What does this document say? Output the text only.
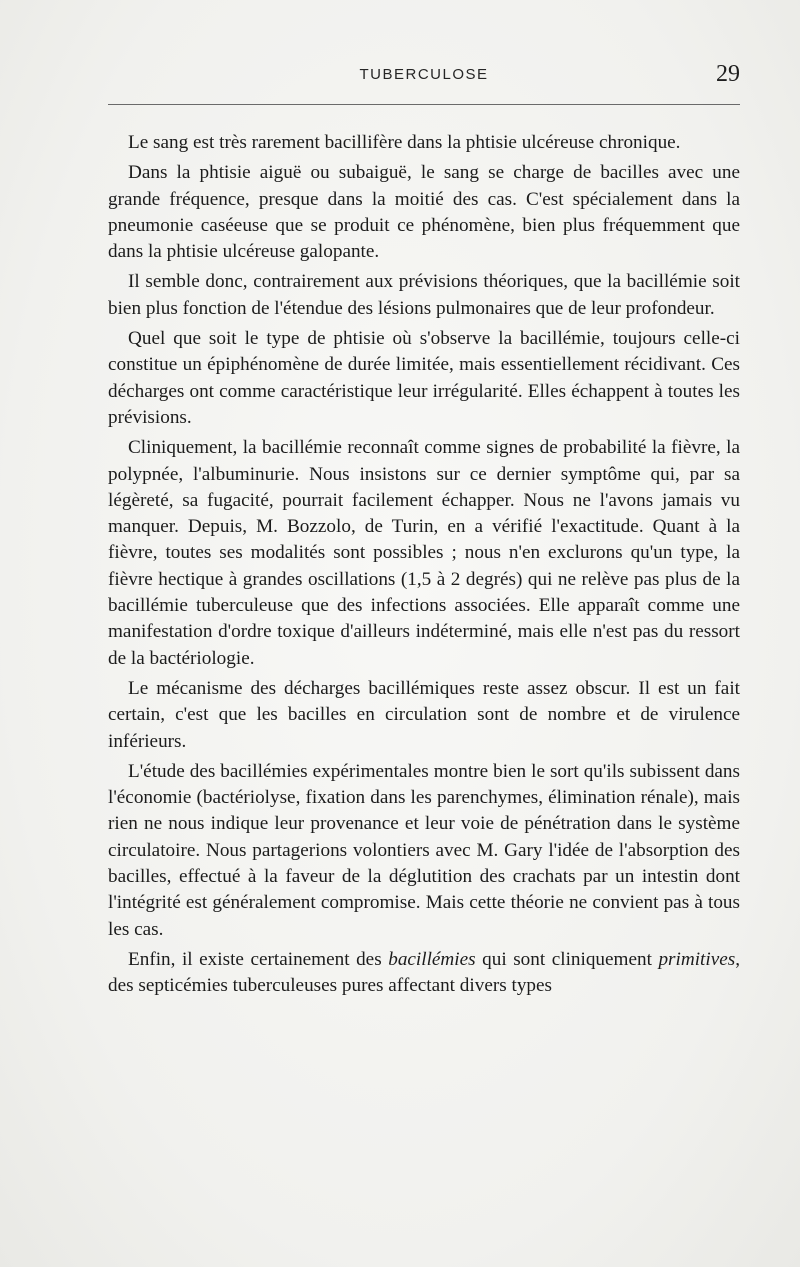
TUBERCULOSE	29

Le sang est très rarement bacillifère dans la phtisie ulcéreuse chronique.

Dans la phtisie aiguë ou subaiguë, le sang se charge de bacilles avec une grande fréquence, presque dans la moitié des cas. C'est spécialement dans la pneumonie caséeuse que se produit ce phénomène, bien plus fréquemment que dans la phtisie ulcéreuse galopante.

Il semble donc, contrairement aux prévisions théoriques, que la bacillémie soit bien plus fonction de l'étendue des lésions pulmonaires que de leur profondeur.

Quel que soit le type de phtisie où s'observe la bacillémie, toujours celle-ci constitue un épiphénomène de durée limitée, mais essentiellement récidivant. Ces décharges ont comme caractéristique leur irrégularité. Elles échappent à toutes les prévisions.

Cliniquement, la bacillémie reconnaît comme signes de probabilité la fièvre, la polypnée, l'albuminurie. Nous insistons sur ce dernier symptôme qui, par sa légèreté, sa fugacité, pourrait facilement échapper. Nous ne l'avons jamais vu manquer. Depuis, M. Bozzolo, de Turin, en a vérifié l'exactitude. Quant à la fièvre, toutes ses modalités sont possibles ; nous n'en exclurons qu'un type, la fièvre hectique à grandes oscillations (1,5 à 2 degrés) qui ne relève pas plus de la bacillémie tuberculeuse que des infections associées. Elle apparaît comme une manifestation d'ordre toxique d'ailleurs indéterminé, mais elle n'est pas du ressort de la bactériologie.

Le mécanisme des décharges bacillémiques reste assez obscur. Il est un fait certain, c'est que les bacilles en circulation sont de nombre et de virulence inférieurs.

L'étude des bacillémies expérimentales montre bien le sort qu'ils subissent dans l'économie (bactériolyse, fixation dans les parenchymes, élimination rénale), mais rien ne nous indique leur provenance et leur voie de pénétration dans le système circulatoire. Nous partagerions volontiers avec M. Gary l'idée de l'absorption des bacilles, effectué à la faveur de la déglutition des crachats par un intestin dont l'intégrité est généralement compromise. Mais cette théorie ne convient pas à tous les cas.

Enfin, il existe certainement des bacillémies qui sont cliniquement primitives, des septicémies tuberculeuses pures affectant divers types
